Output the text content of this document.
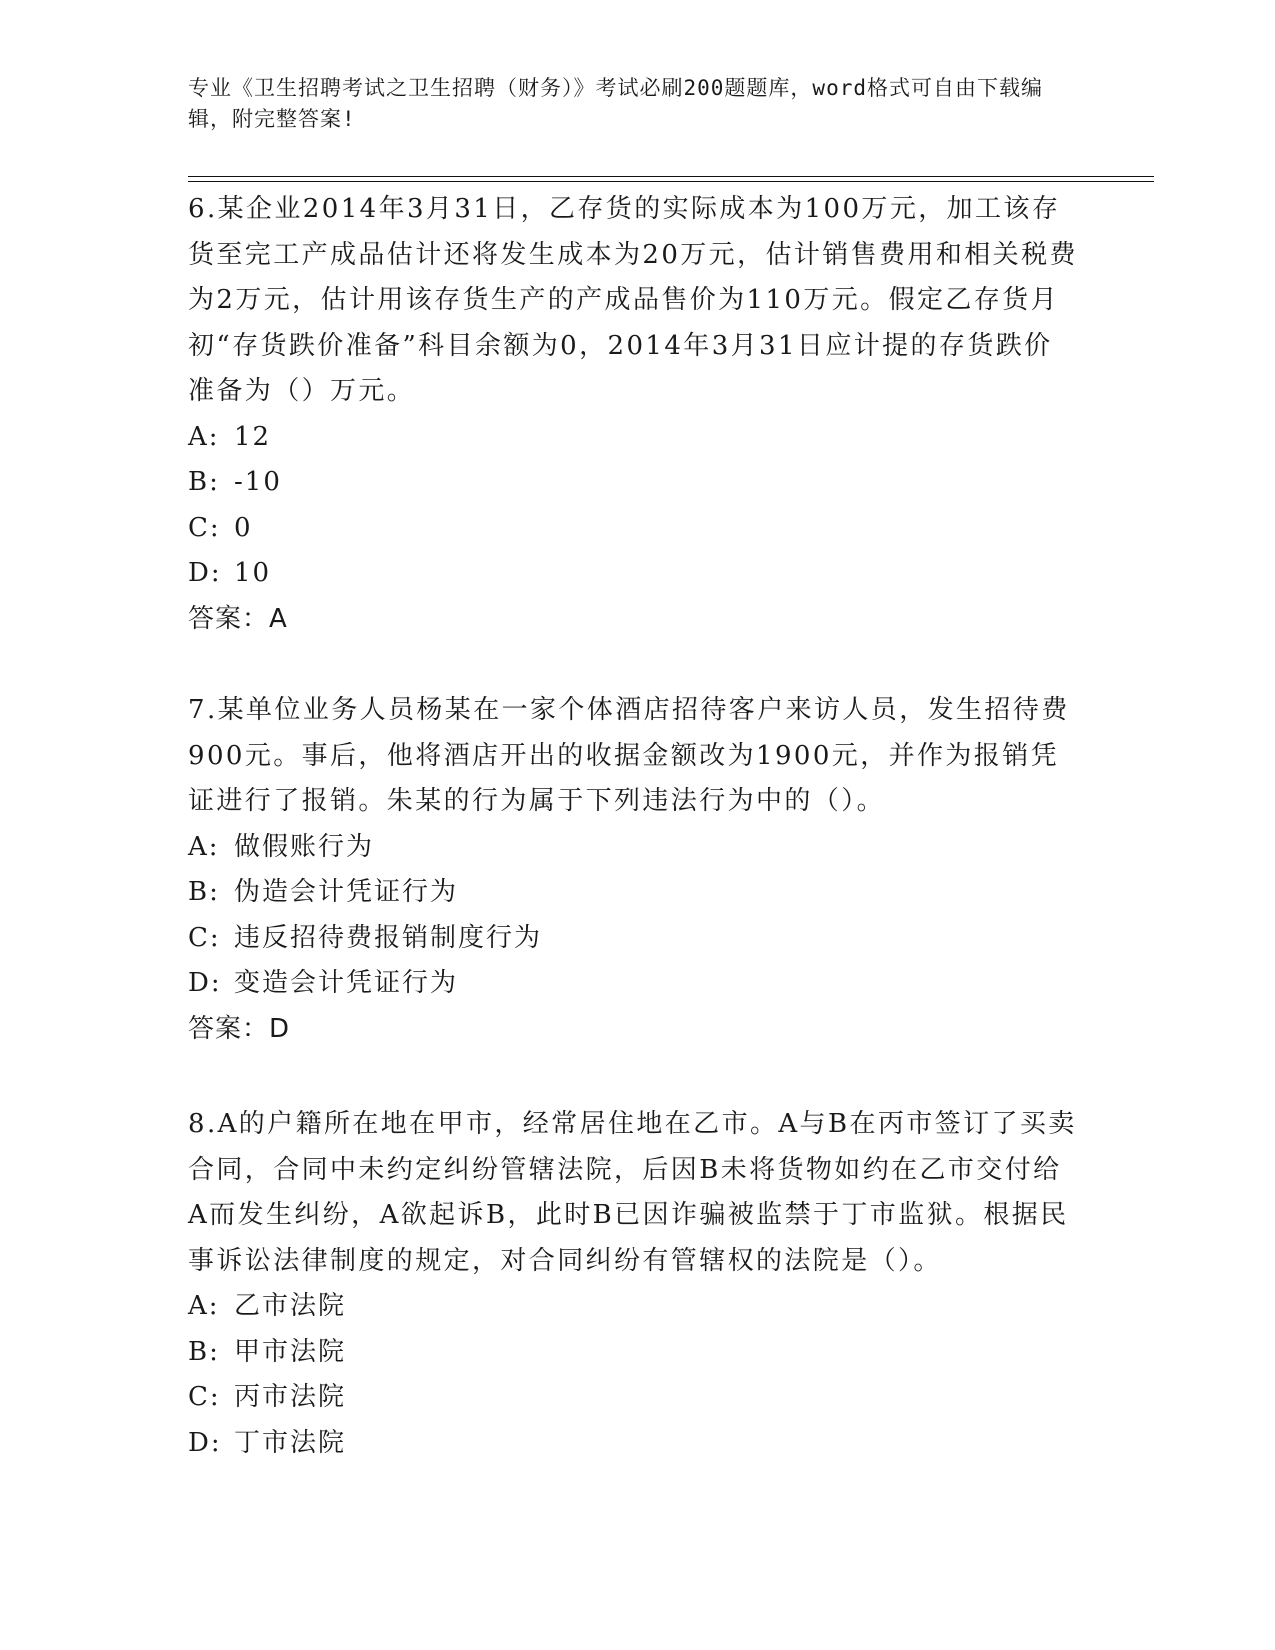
专业《卫生招聘考试之卫生招聘（财务）》考试必刷200题题库，word格式可自由下载编辑，附完整答案!

6.某企业2014年3月31日，乙存货的实际成本为100万元，加工该存货至完工产成品估计还将发生成本为20万元，估计销售费用和相关税费为2万元，估计用该存货生产的产成品售价为110万元。假定乙存货月初“存货跌价准备”科目余额为0，2014年3月31日应计提的存货跌价准备为（）万元。

A: 12
B: -10
C: 0
D: 10
答案：A

7.某单位业务人员杨某在一家个体酒店招待客户来访人员，发生招待费900元。事后，他将酒店开出的收据金额改为1900元，并作为报销凭证进行了报销。朱某的行为属于下列违法行为中的（）。

A: 做假账行为
B: 伪造会计凭证行为
C: 违反招待费报销制度行为
D: 变造会计凭证行为
答案：D

8.A的户籍所在地在甲市，经常居住地在乙市。A与B在丙市签订了买卖合同，合同中未约定纠纷管辖法院，后因B未将货物如约在乙市交付给A而发生纠纷，A欲起诉B，此时B已因诈骗被监禁于丁市监狱。根据民事诉讼法律制度的规定，对合同纠纷有管辖权的法院是（）。

A: 乙市法院
B: 甲市法院
C: 丙市法院
D: 丁市法院
